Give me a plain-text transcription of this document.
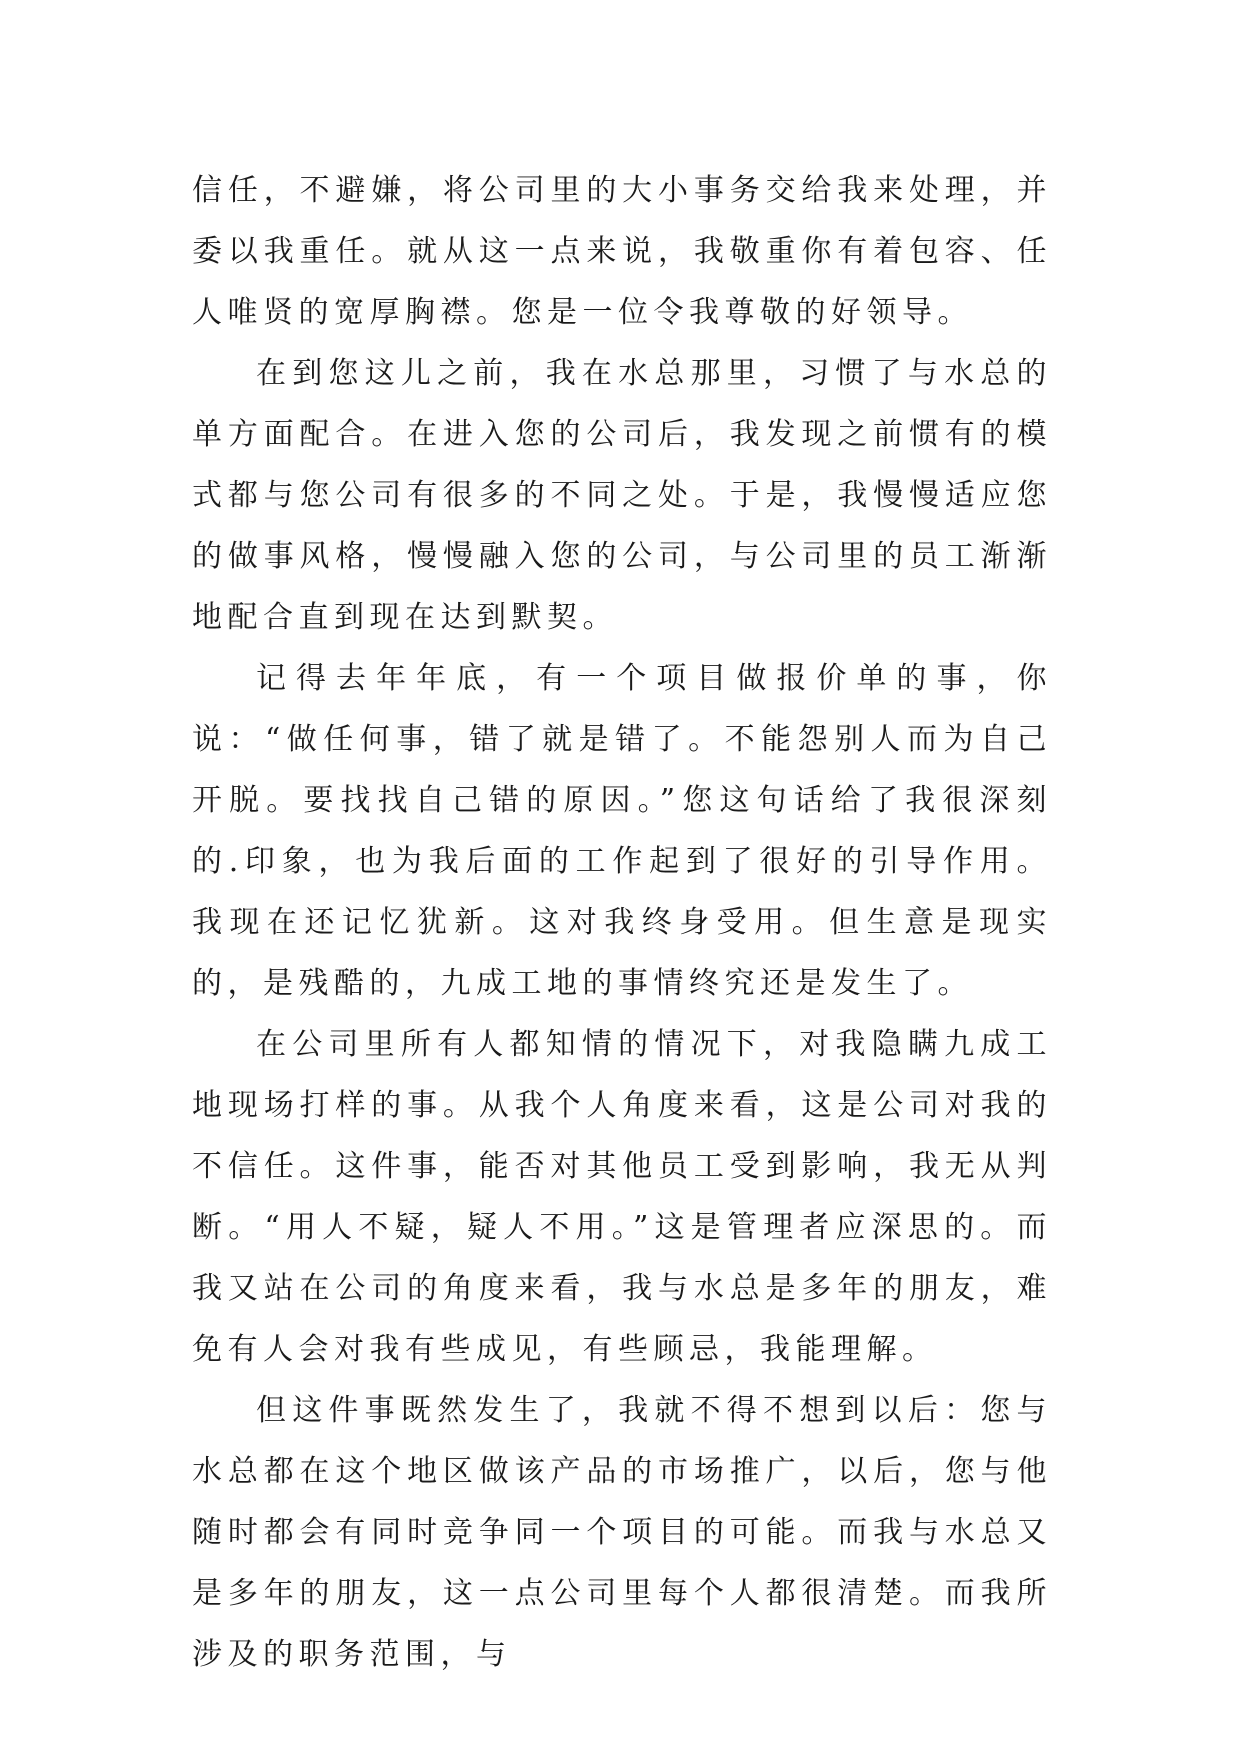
信任，不避嫌，将公司里的大小事务交给我来处理，并委以我重任。就从这一点来说，我敬重你有着包容、任人唯贤的宽厚胸襟。您是一位令我尊敬的好领导。

在到您这儿之前，我在水总那里，习惯了与水总的单方面配合。在进入您的公司后，我发现之前惯有的模式都与您公司有很多的不同之处。于是，我慢慢适应您的做事风格，慢慢融入您的公司，与公司里的员工渐渐地配合直到现在达到默契。

记得去年年底，有一个项目做报价单的事，你说：“做任何事，错了就是错了。不能怨别人而为自己开脱。要找找自己错的原因。”您这句话给了我很深刻的.印象，也为我后面的工作起到了很好的引导作用。我现在还记忆犹新。这对我终身受用。但生意是现实的，是残酷的，九成工地的事情终究还是发生了。

在公司里所有人都知情的情况下，对我隐瞒九成工地现场打样的事。从我个人角度来看，这是公司对我的不信任。这件事，能否对其他员工受到影响，我无从判断。“用人不疑，疑人不用。”这是管理者应深思的。而我又站在公司的角度来看，我与水总是多年的朋友，难免有人会对我有些成见，有些顾忌，我能理解。

但这件事既然发生了，我就不得不想到以后：您与水总都在这个地区做该产品的市场推广，以后，您与他随时都会有同时竞争同一个项目的可能。而我与水总又是多年的朋友，这一点公司里每个人都很清楚。而我所涉及的职务范围，与
